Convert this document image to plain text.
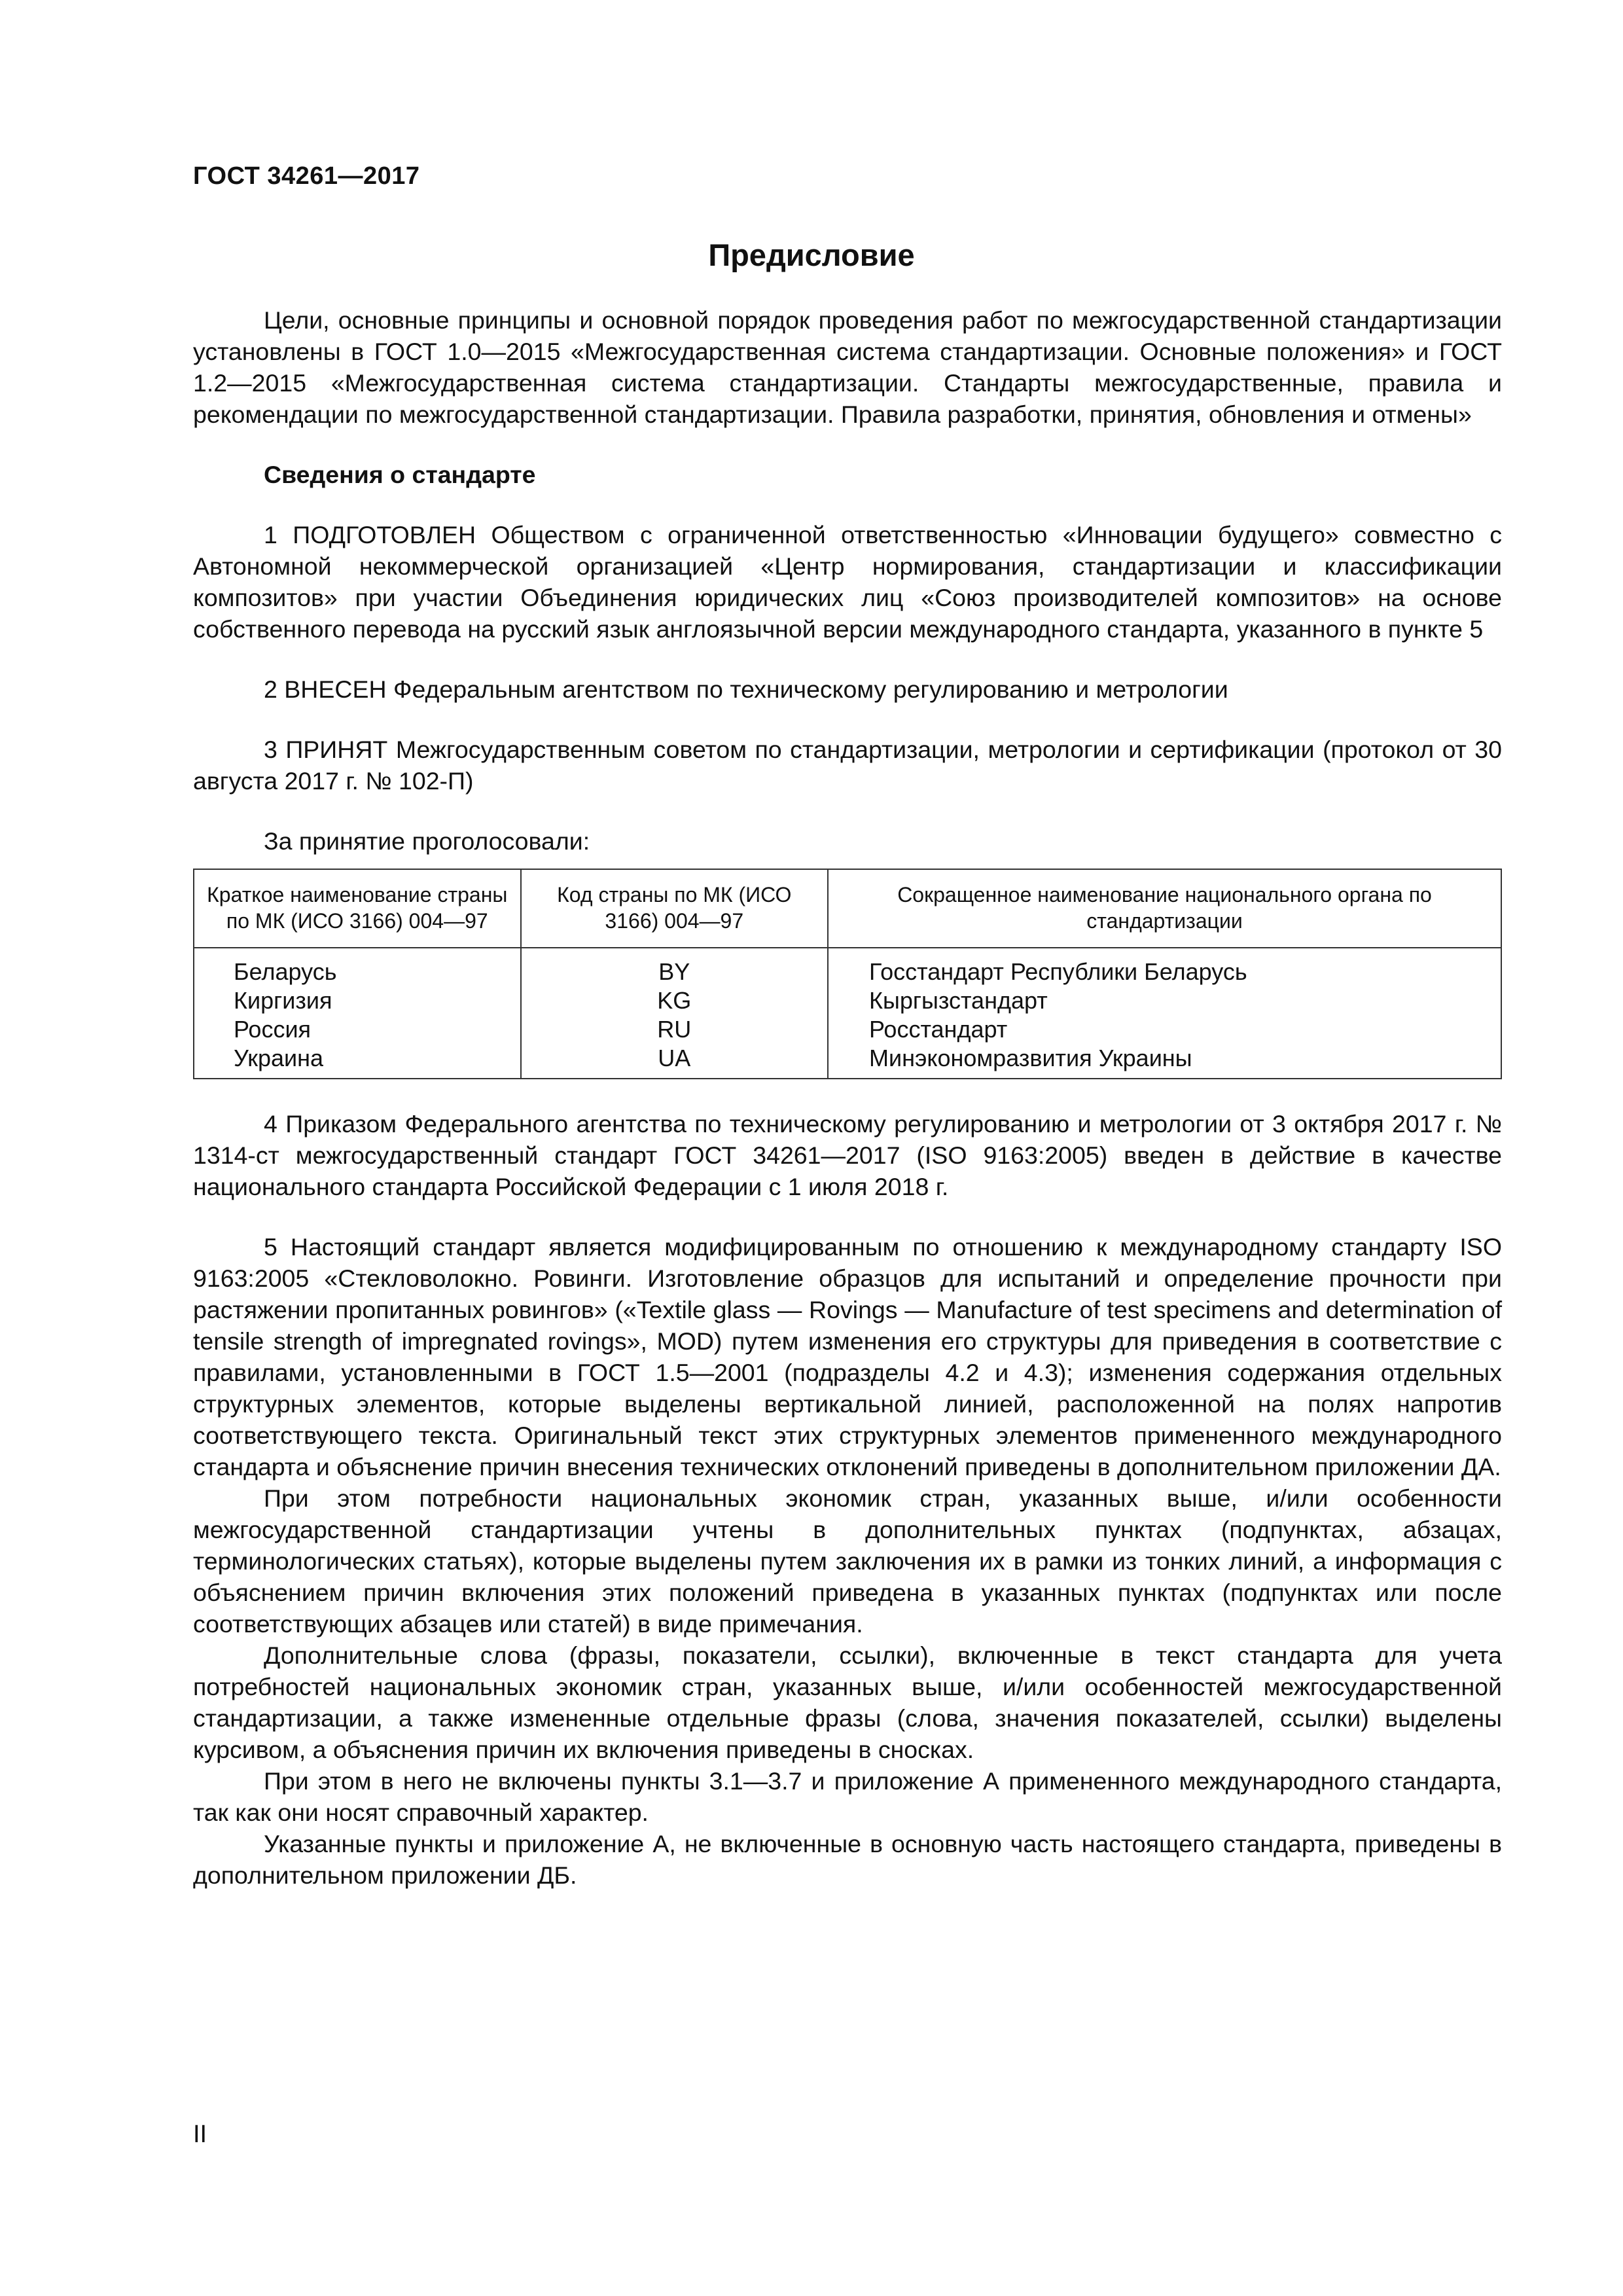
ГОСТ 34261—2017
Предисловие

Цели, основные принципы и основной порядок проведения работ по межгосударственной стандартизации установлены в ГОСТ 1.0—2015 «Межгосударственная система стандартизации. Основные положения» и ГОСТ 1.2—2015 «Межгосударственная система стандартизации. Стандарты межгосударственные, правила и рекомендации по межгосударственной стандартизации. Правила разработки, принятия, обновления и отмены»

Сведения о стандарте

1 ПОДГОТОВЛЕН Обществом с ограниченной ответственностью «Инновации будущего» совместно с Автономной некоммерческой организацией «Центр нормирования, стандартизации и классификации композитов» при участии Объединения юридических лиц «Союз производителей композитов» на основе собственного перевода на русский язык англоязычной версии международного стандарта, указанного в пункте 5

2 ВНЕСЕН Федеральным агентством по техническому регулированию и метрологии

3 ПРИНЯТ Межгосударственным советом по стандартизации, метрологии и сертификации (протокол от 30 августа 2017 г. № 102-П)

За принятие проголосовали:
Краткое наименование страны по МК (ИСО 3166) 004—97	Код страны по МК (ИСО 3166) 004—97	Сокращенное наименование национального органа по стандартизации
Беларусь	BY	Госстандарт Республики Беларусь
Киргизия	KG	Кыргызстандарт
Россия	RU	Росстандарт
Украина	UA	Минэкономразвития Украины

4 Приказом Федерального агентства по техническому регулированию и метрологии от 3 октября 2017 г. № 1314-ст межгосударственный стандарт ГОСТ 34261—2017 (ISO 9163:2005) введен в действие в качестве национального стандарта Российской Федерации с 1 июля 2018 г.

5 Настоящий стандарт является модифицированным по отношению к международному стандарту ISO 9163:2005 «Стекловолокно. Ровинги. Изготовление образцов для испытаний и определение прочности при растяжении пропитанных ровингов» («Textile glass — Rovings — Manufacture of test specimens and determination of tensile strength of impregnated rovings», MOD) путем изменения его структуры для приведения в соответствие с правилами, установленными в ГОСТ 1.5—2001 (подразделы 4.2 и 4.3); изменения содержания отдельных структурных элементов, которые выделены вертикальной линией, расположенной на полях напротив соответствующего текста. Оригинальный текст этих структурных элементов примененного международного стандарта и объяснение причин внесения технических отклонений приведены в дополнительном приложении ДА.

При этом потребности национальных экономик стран, указанных выше, и/или особенности межгосударственной стандартизации учтены в дополнительных пунктах (подпунктах, абзацах, терминологических статьях), которые выделены путем заключения их в рамки из тонких линий, а информация с объяснением причин включения этих положений приведена в указанных пунктах (подпунктах или после соответствующих абзацев или статей) в виде примечания.

Дополнительные слова (фразы, показатели, ссылки), включенные в текст стандарта для учета потребностей национальных экономик стран, указанных выше, и/или особенностей межгосударственной стандартизации, а также измененные отдельные фразы (слова, значения показателей, ссылки) выделены курсивом, а объяснения причин их включения приведены в сносках.

При этом в него не включены пункты 3.1—3.7 и приложение А примененного международного стандарта, так как они носят справочный характер.

Указанные пункты и приложение А, не включенные в основную часть настоящего стандарта, приведены в дополнительном приложении ДБ.

II
